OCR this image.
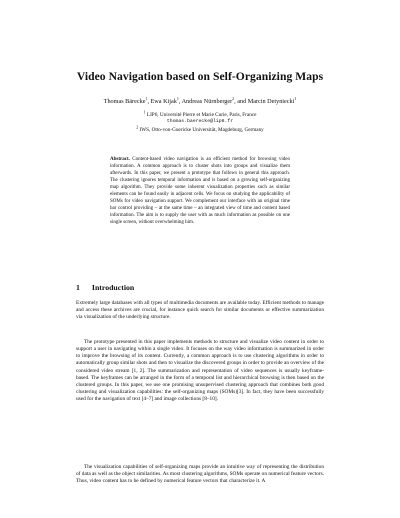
Video Navigation based on Self-Organizing Maps
Thomas Bärecke$^1$, Ewa Kijak$^1$, Andreas Nürnberger$^2$, and Marcin Detyniecki$^1$
$^1$ LIP6, Université Pierre et Marie Curie, Paris, France
thomas.baerecke@lip6.fr
$^2$ IWS, Otto-von-Guericke Universität, Magdeburg, Germany
Abstract. Content-based video navigation is an efficient method for browsing video information. A common approach is to cluster shots into groups and visualize them afterwards. In this paper, we present a prototype that follows in general this approach. The clustering ignores temporal information and is based on a growing self-organizing map algorithm. They provide some inherent visualization properties such as similar elements can be found easily in adjacent cells. We focus on studying the applicability of SOMs for video navigation support. We complement our interface with an original time bar control providing – at the same time – an integrated view of time and content based information. The aim is to supply the user with as much information as possible on one single screen, without overwhelming him.
1 Introduction
Extremely large databases with all types of multimedia documents are available today. Efficient methods to manage and access these archives are crucial, for instance quick search for similar documents or effective summarization via visualization of the underlying structure.
The prototype presented in this paper implements methods to structure and visualize video content in order to support a user in navigating within a single video. It focuses on the way video information is summarized in order to improve the browsing of its content. Currently, a common approach is to use clustering algorithms in order to automatically group similar shots and then to visualize the discovered groups in order to provide an overview of the considered video stream [1, 2]. The summarization and representation of video sequences is usually keyframe-based. The keyframes can be arranged in the form of a temporal list and hierarchical browsing is then based on the clustered groups. In this paper, we use one promising unsupervised clustering approach that combines both good clustering and visualization capabilities: the self-organizing maps (SOMs)[3]. In fact, they have been successfully used for the navigation of text [4–7] and image collections [8–10].
The visualization capabilities of self-organizing maps provide an intuitive way of representing the distribution of data as well as the object similarities. As most clustering algorithms, SOMs operate on numerical feature vectors. Thus, video content has to be defined by numerical feature vectors that characterize it. A
